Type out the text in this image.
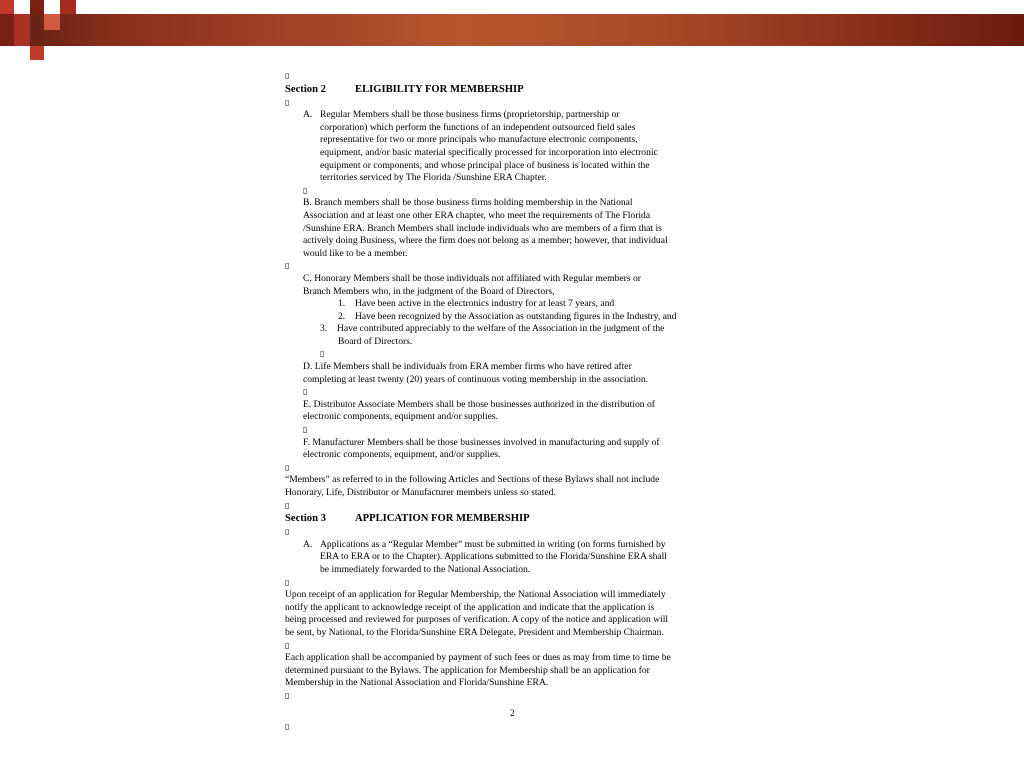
▯
Section 2	ELIGIBILITY FOR MEMBERSHIP
▯
A. Regular Members shall be those business firms (proprietorship, partnership or
corporation) which perform the functions of an independent outsourced field sales
representative for two or more principals who manufacture electronic components,
equipment, and/or basic material specifically processed for incorporation into electronic
equipment or components, and whose principal place of business is located within the
territories serviced by The Florida /Sunshine ERA Chapter.
▯
B. Branch members shall be those business firms holding membership in the National
Association and at least one other ERA chapter, who meet the requirements of The Florida
/Sunshine ERA. Branch Members shall include individuals who are members of a firm that is
actively doing Business, where the firm does not belong as a member; however, that individual
would like to be a member.
▯
C. Honorary Members shall be those individuals not affiliated with Regular members or
Branch Members who, in the judgment of the Board of Directors,
1. Have been active in the electronics industry for at least 7 years, and
2. Have been recognized by the Association as outstanding figures in the Industry, and
3. Have contributed appreciably to the welfare of the Association in the judgment of the
Board of Directors.
▯
D. Life Members shall be individuals from ERA member firms who have retired after
completing at least twenty (20) years of continuous voting membership in the association.
▯
E. Distributor Associate Members shall be those businesses authorized in the distribution of
electronic components, equipment and/or supplies.
▯
F. Manufacturer Members shall be those businesses involved in manufacturing and supply of
electronic components, equipment, and/or supplies.
▯
“Members” as referred to in the following Articles and Sections of these Bylaws shall not include
Honorary, Life, Distributor or Manufacturer members unless so stated.
▯
Section 3	APPLICATION FOR MEMBERSHIP
▯
A. Applications as a “Regular Member” must be submitted in writing (on forms furnished by
ERA to ERA or to the Chapter). Applications submitted to the Florida/Sunshine ERA shall
be immediately forwarded to the National Association.
▯
Upon receipt of an application for Regular Membership, the National Association will immediately
notify the applicant to acknowledge receipt of the application and indicate that the application is
being processed and reviewed for purposes of verification. A copy of the notice and application will
be sent, by National, to the Florida/Sunshine ERA Delegate, President and Membership Chairman.
▯
Each application shall be accompanied by payment of such fees or dues as may from time to time be
determined pursuant to the Bylaws. The application for Membership shall be an application for
Membership in the National Association and Florida/Sunshine ERA.
▯
2
▯
